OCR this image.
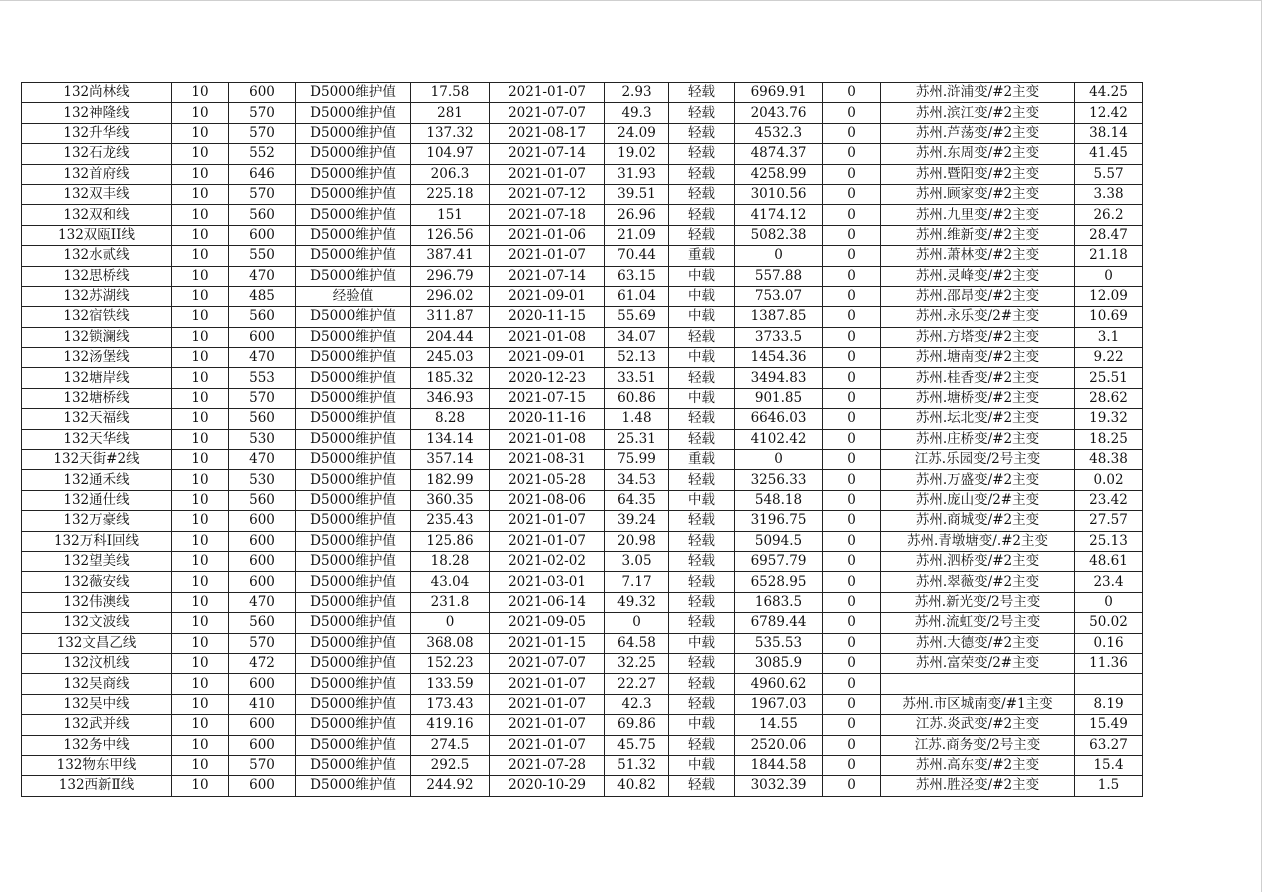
132尚林线	10	600	D5000维护值	17.58	2021-01-07	2.93	轻载	6969.91	0	苏州.浒浦变/#2主变	44.25
132神隆线	10	570	D5000维护值	281	2021-07-07	49.3	轻载	2043.76	0	苏州.滨江变/#2主变	12.42
132升华线	10	570	D5000维护值	137.32	2021-08-17	24.09	轻载	4532.3	0	苏州.芦荡变/#2主变	38.14
132石龙线	10	552	D5000维护值	104.97	2021-07-14	19.02	轻载	4874.37	0	苏州.东周变/#2主变	41.45
132首府线	10	646	D5000维护值	206.3	2021-01-07	31.93	轻载	4258.99	0	苏州.暨阳变/#2主变	5.57
132双丰线	10	570	D5000维护值	225.18	2021-07-12	39.51	轻载	3010.56	0	苏州.顾家变/#2主变	3.38
132双和线	10	560	D5000维护值	151	2021-07-18	26.96	轻载	4174.12	0	苏州.九里变/#2主变	26.2
132双瓯II线	10	600	D5000维护值	126.56	2021-01-06	21.09	轻载	5082.38	0	苏州.维新变/#2主变	28.47
132水贰线	10	550	D5000维护值	387.41	2021-01-07	70.44	重载	0	0	苏州.萧林变/#2主变	21.18
132思桥线	10	470	D5000维护值	296.79	2021-07-14	63.15	中载	557.88	0	苏州.灵峰变/#2主变	0
132苏湖线	10	485	经验值	296.02	2021-09-01	61.04	中载	753.07	0	苏州.邵昂变/#2主变	12.09
132宿铁线	10	560	D5000维护值	311.87	2020-11-15	55.69	中载	1387.85	0	苏州.永乐变/2#主变	10.69
132锁澜线	10	600	D5000维护值	204.44	2021-01-08	34.07	轻载	3733.5	0	苏州.方塔变/#2主变	3.1
132汤堡线	10	470	D5000维护值	245.03	2021-09-01	52.13	中载	1454.36	0	苏州.塘南变/#2主变	9.22
132塘岸线	10	553	D5000维护值	185.32	2020-12-23	33.51	轻载	3494.83	0	苏州.桂香变/#2主变	25.51
132塘桥线	10	570	D5000维护值	346.93	2021-07-15	60.86	中载	901.85	0	苏州.塘桥变/#2主变	28.62
132天福线	10	560	D5000维护值	8.28	2020-11-16	1.48	轻载	6646.03	0	苏州.坛北变/#2主变	19.32
132天华线	10	530	D5000维护值	134.14	2021-01-08	25.31	轻载	4102.42	0	苏州.庄桥变/#2主变	18.25
132天街#2线	10	470	D5000维护值	357.14	2021-08-31	75.99	重载	0	0	江苏.乐园变/2号主变	48.38
132通禾线	10	530	D5000维护值	182.99	2021-05-28	34.53	轻载	3256.33	0	苏州.万盛变/#2主变	0.02
132通仕线	10	560	D5000维护值	360.35	2021-08-06	64.35	中载	548.18	0	苏州.庞山变/2#主变	23.42
132万豪线	10	600	D5000维护值	235.43	2021-01-07	39.24	轻载	3196.75	0	苏州.商城变/#2主变	27.57
132万科Ⅰ回线	10	600	D5000维护值	125.86	2021-01-07	20.98	轻载	5094.5	0	苏州.青墩塘变/.#2主变	25.13
132望美线	10	600	D5000维护值	18.28	2021-02-02	3.05	轻载	6957.79	0	苏州.泗桥变/#2主变	48.61
132薇安线	10	600	D5000维护值	43.04	2021-03-01	7.17	轻载	6528.95	0	苏州.翠薇变/#2主变	23.4
132伟澳线	10	470	D5000维护值	231.8	2021-06-14	49.32	轻载	1683.5	0	苏州.新光变/2号主变	0
132文波线	10	560	D5000维护值	0	2021-09-05	0	轻载	6789.44	0	苏州.流虹变/2号主变	50.02
132文昌乙线	10	570	D5000维护值	368.08	2021-01-15	64.58	中载	535.53	0	苏州.大德变/#2主变	0.16
132汶机线	10	472	D5000维护值	152.23	2021-07-07	32.25	轻载	3085.9	0	苏州.富荣变/2#主变	11.36
132吴商线	10	600	D5000维护值	133.59	2021-01-07	22.27	轻载	4960.62	0		
132吴中线	10	410	D5000维护值	173.43	2021-01-07	42.3	轻载	1967.03	0	苏州.市区城南变/#1主变	8.19
132武并线	10	600	D5000维护值	419.16	2021-01-07	69.86	中载	14.55	0	江苏.炎武变/#2主变	15.49
132务中线	10	600	D5000维护值	274.5	2021-01-07	45.75	轻载	2520.06	0	江苏.商务变/2号主变	63.27
132物东甲线	10	570	D5000维护值	292.5	2021-07-28	51.32	中载	1844.58	0	苏州.高东变/#2主变	15.4
132西新Ⅱ线	10	600	D5000维护值	244.92	2020-10-29	40.82	轻载	3032.39	0	苏州.胜泾变/#2主变	1.5
